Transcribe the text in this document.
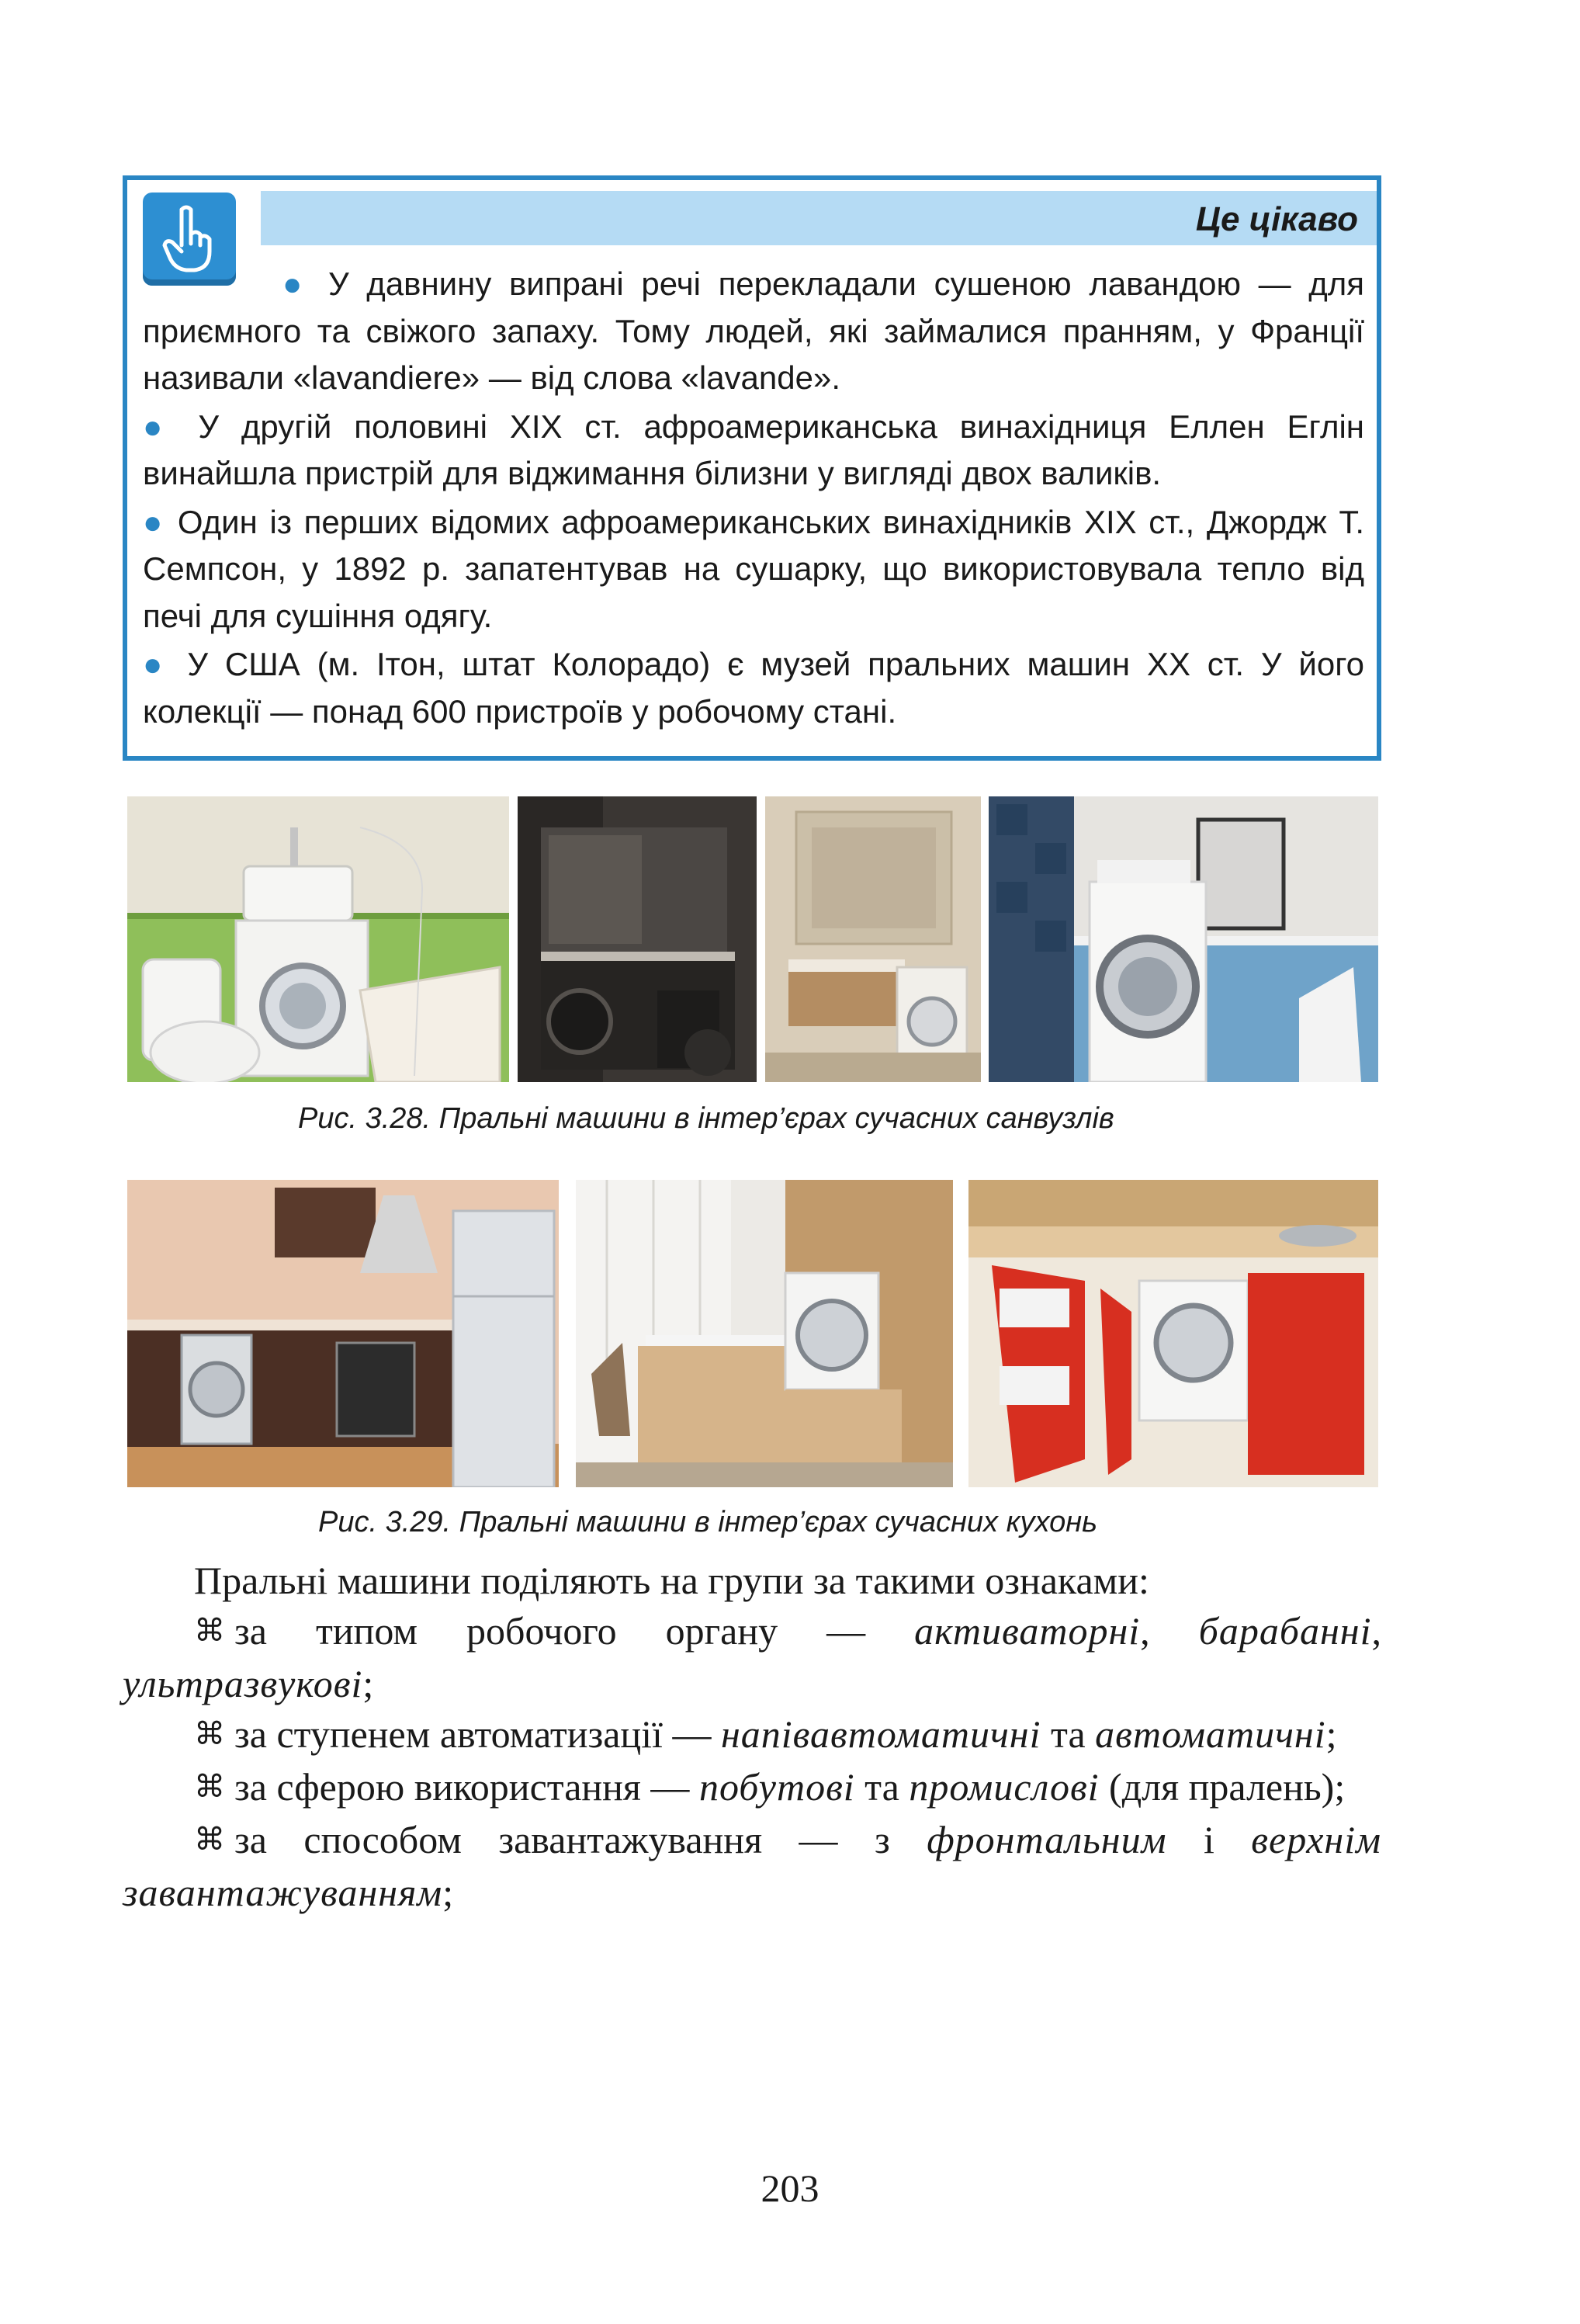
Це цікаво

● У давнину випрані речі перекладали сушеною лавандою — для приємного та свіжого запаху. Тому людей, які займалися пранням, у Франції називали «lavandiere» — від слова «lavande».

● У другій половині XIX ст. афроамериканська винахідниця Еллен Еглін винайшла пристрій для віджимання білизни у вигляді двох валиків.

● Один із перших відомих афроамериканських винахідників XIX ст., Джордж Т. Семпсон, у 1892 р. запатентував на сушарку, що використовувала тепло від печі для сушіння одягу.

● У США (м. Ітон, штат Колорадо) є музей пральних машин XX ст. У його колекції — понад 600 пристроїв у робочому стані.

Рис. 3.28. Пральні машини в інтер’єрах сучасних санвузлів
Рис. 3.29. Пральні машини в інтер’єрах сучасних кухонь

Пральні машини поділяють на групи за такими ознаками:

⌘ за типом робочого органу — активаторні, барабанні, ультразвукові;

⌘ за ступенем автоматизації — напівавтоматичні та автоматичні;

⌘ за сферою використання — побутові та промислові (для пралень);

⌘ за способом завантажування — з фронтальним і верхнім завантажуванням;

203
